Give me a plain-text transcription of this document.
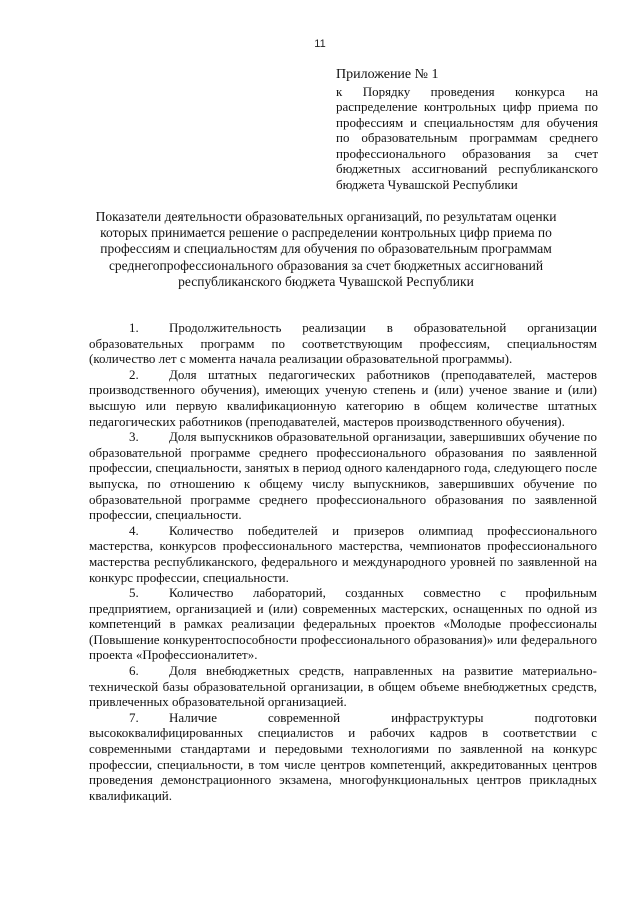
11
Приложение № 1
к Порядку проведения конкурса на распределение контрольных цифр приема по профессиям и специальностям для обучения по образовательным программам среднего профессионального образования за счет бюджетных ассигнований республиканского бюджета Чувашской Республики
Показатели деятельности образовательных организаций, по результатам оценки которых принимается решение о распределении контрольных цифр приема по профессиям и специальностям для обучения по образовательным программам среднегопрофессионального образования за счет бюджетных ассигнований республиканского бюджета Чувашской Республики
1. Продолжительность реализации в образовательной организации образовательных программ по соответствующим профессиям, специальностям (количество лет с момента начала реализации образовательной программы).
2. Доля штатных педагогических работников (преподавателей, мастеров производственного обучения), имеющих ученую степень и (или) ученое звание и (или) высшую или первую квалификационную категорию в общем количестве штатных педагогических работников (преподавателей, мастеров производственного обучения).
3. Доля выпускников образовательной организации, завершивших обучение по образовательной программе среднего профессионального образования по заявленной профессии, специальности, занятых в период одного календарного года, следующего после выпуска, по отношению к общему числу выпускников, завершивших обучение по образовательной программе среднего профессионального образования по заявленной профессии, специальности.
4. Количество победителей и призеров олимпиад профессионального мастерства, конкурсов профессионального мастерства, чемпионатов профессионального мастерства республиканского, федерального и международного уровней по заявленной на конкурс профессии, специальности.
5. Количество лабораторий, созданных совместно с профильным предприятием, организацией и (или) современных мастерских, оснащенных по одной из компетенций в рамках реализации федеральных проектов «Молодые профессионалы (Повышение конкурентоспособности профессионального образования)» или федерального проекта «Профессионалитет».
6. Доля внебюджетных средств, направленных на развитие материально-технической базы образовательной организации, в общем объеме внебюджетных средств, привлеченных образовательной организацией.
7. Наличие современной инфраструктуры подготовки высококвалифицированных специалистов и рабочих кадров в соответствии с современными стандартами и передовыми технологиями по заявленной на конкурс профессии, специальности, в том числе центров компетенций, аккредитованных центров проведения демонстрационного экзамена, многофункциональных центров прикладных квалификаций.
